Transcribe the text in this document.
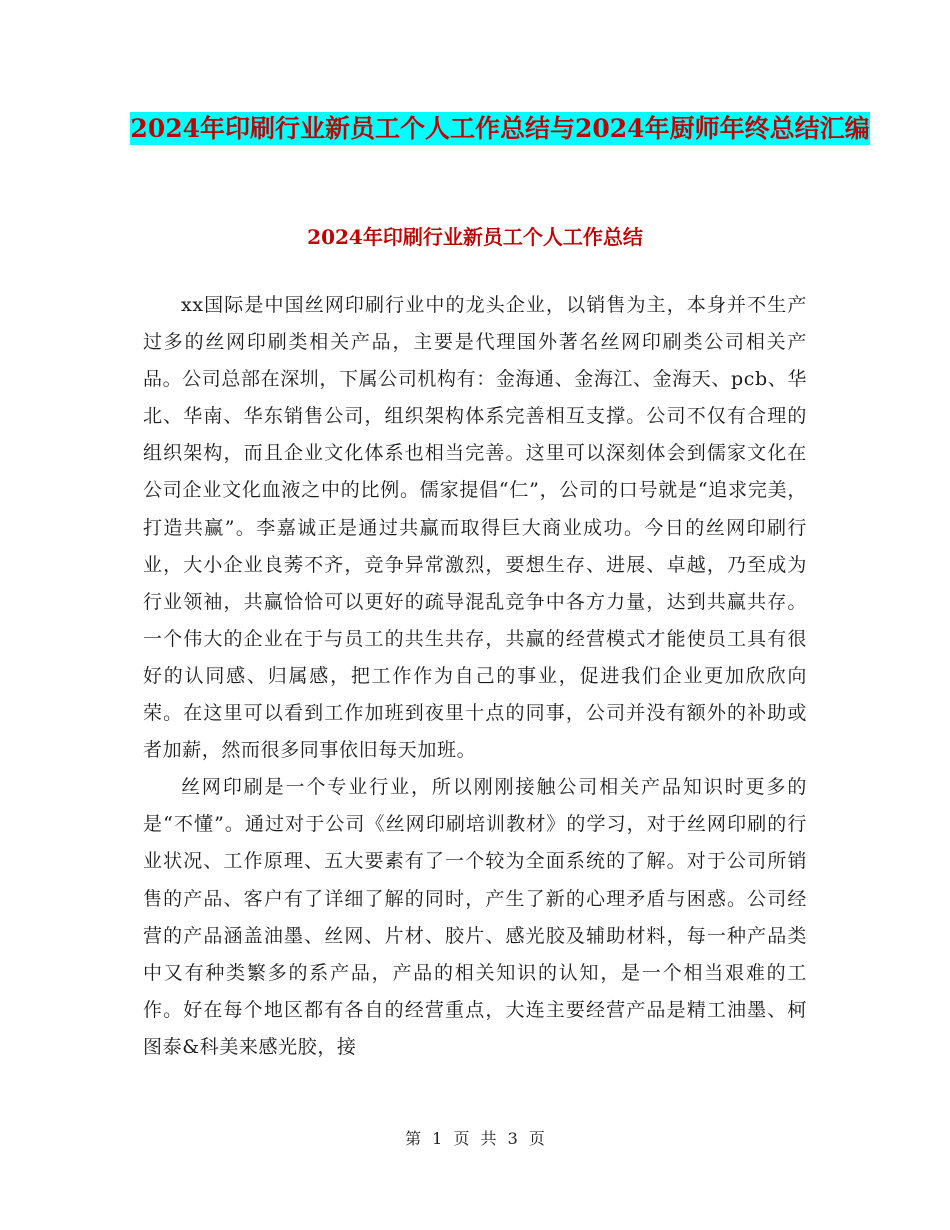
2024年印刷行业新员工个人工作总结与2024年厨师年终总结汇编
2024年印刷行业新员工个人工作总结

xx国际是中国丝网印刷行业中的龙头企业，以销售为主，本身并不生产过多的丝网印刷类相关产品，主要是代理国外著名丝网印刷类公司相关产品。公司总部在深圳，下属公司机构有：金海通、金海江、金海天、pcb、华北、华南、华东销售公司，组织架构体系完善相互支撑。公司不仅有合理的组织架构，而且企业文化体系也相当完善。这里可以深刻体会到儒家文化在公司企业文化血液之中的比例。儒家提倡“仁”，公司的口号就是“追求完美，打造共赢”。李嘉诚正是通过共赢而取得巨大商业成功。今日的丝网印刷行业，大小企业良莠不齐，竞争异常激烈，要想生存、进展、卓越，乃至成为行业领袖，共赢恰恰可以更好的疏导混乱竞争中各方力量，达到共赢共存。一个伟大的企业在于与员工的共生共存，共赢的经营模式才能使员工具有很好的认同感、归属感，把工作作为自己的事业，促进我们企业更加欣欣向荣。在这里可以看到工作加班到夜里十点的同事，公司并没有额外的补助或者加薪，然而很多同事依旧每天加班。

丝网印刷是一个专业行业，所以刚刚接触公司相关产品知识时更多的是“不懂”。通过对于公司《丝网印刷培训教材》的学习，对于丝网印刷的行业状况、工作原理、五大要素有了一个较为全面系统的了解。对于公司所销售的产品、客户有了详细了解的同时，产生了新的心理矛盾与困惑。公司经营的产品涵盖油墨、丝网、片材、胶片、感光胶及辅助材料，每一种产品类中又有种类繁多的系产品，产品的相关知识的认知，是一个相当艰难的工作。好在每个地区都有各自的经营重点，大连主要经营产品是精工油墨、柯图泰&科美来感光胶，接

第 1 页 共 3 页
